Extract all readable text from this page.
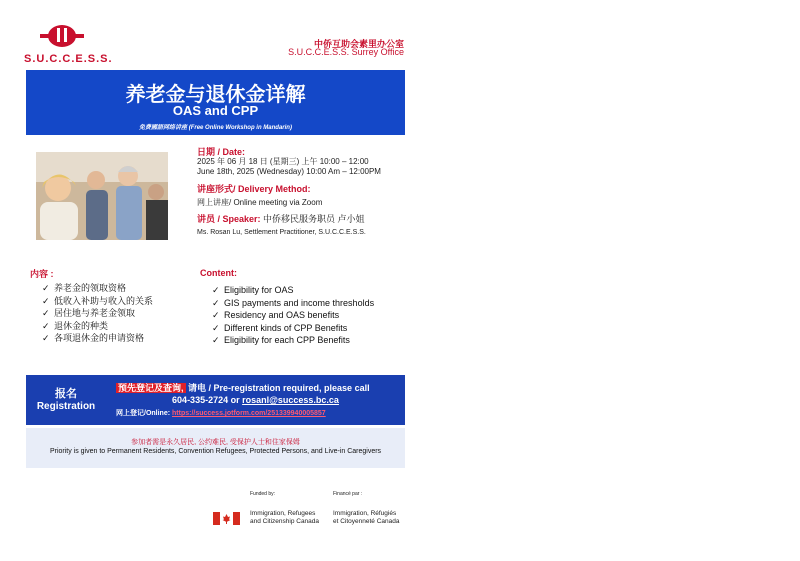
S.U.C.C.E.S.S.
中侨互助会素里办公室
S.U.C.C.E.S.S. Surrey Office
养老金与退休金详解
OAS and CPP
免费國語网络讲座 (Free Online Workshop in Mandarin)
日期 / Date:
2025 年 06 月 18 日 (星期三) 上午 10:00 – 12:00
June 18th, 2025 (Wednesday) 10:00 Am – 12:00PM
讲座形式/ Delivery Method:
网上讲座/ Online meeting via Zoom
讲员 / Speaker: 中侨移民服务职员 卢小姐
Ms. Rosan Lu, Settlement Practitioner, S.U.C.C.E.S.S.
内容 :
✓ 养老金的领取资格
✓ 低收入补助与收入的关系
✓ 居住地与养老金领取
✓ 退休金的种类
✓ 各项退休金的申请资格
Content:
✓ Eligibility for OAS
✓ GIS payments and income thresholds
✓ Residency and OAS benefits
✓ Different kinds of CPP Benefits
✓ Eligibility for each CPP Benefits
报名
Registration
预先登记及查询, 请电 / Pre-registration required, please call
604-335-2724 or rosanl@success.bc.ca
网上登记/Online: https://success.jotform.com/251339940005857
参加者需是永久居民, 公约难民, 受保护人士和住家保姆
Priority is given to Permanent Residents, Convention Refugees, Protected Persons, and Live-in Caregivers
Funded by:	Financé par :
Immigration, Refugees
and Citizenship Canada
Immigration, Réfugiés
et Citoyenneté Canada
